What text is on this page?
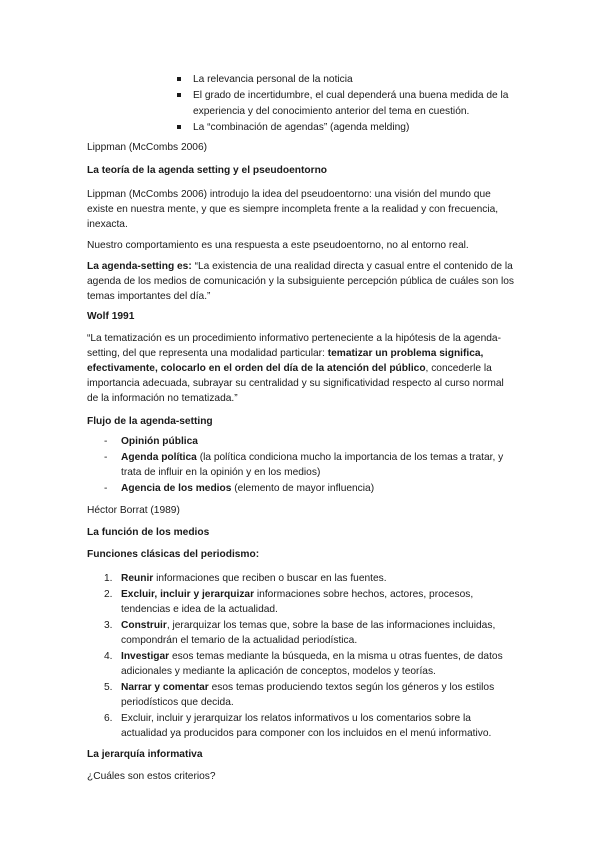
La relevancia personal de la noticia
El grado de incertidumbre, el cual dependerá una buena medida de la
experiencia y del conocimiento anterior del tema en cuestión.
La “combinación de agendas” (agenda melding)
Lippman (McCombs 2006)
La teoría de la agenda setting y el pseudoentorno
Lippman (McCombs 2006) introdujo la idea del pseudoentorno: una visión del mundo que
existe en nuestra mente, y que es siempre incompleta frente a la realidad y con frecuencia,
inexacta.
Nuestro comportamiento es una respuesta a este pseudoentorno, no al entorno real.
La agenda-setting es: “La existencia de una realidad directa y casual entre el contenido de la
agenda de los medios de comunicación y la subsiguiente percepción pública de cuáles son los
temas importantes del día.”
Wolf 1991
“La tematización es un procedimiento informativo perteneciente a la hipótesis de la agenda-
setting, del que representa una modalidad particular: tematizar un problema significa,
efectivamente, colocarlo en el orden del día de la atención del público, concederle la
importancia adecuada, subrayar su centralidad y su significatividad respecto al curso normal
de la información no tematizada.”
Flujo de la agenda-setting
- Opinión pública
- Agenda política (la política condiciona mucho la importancia de los temas a tratar, y
trata de influir en la opinión y en los medios)
- Agencia de los medios (elemento de mayor influencia)
Héctor Borrat (1989)
La función de los medios
Funciones clásicas del periodismo:
1. Reunir informaciones que reciben o buscar en las fuentes.
2. Excluir, incluir y jerarquizar informaciones sobre hechos, actores, procesos,
tendencias e idea de la actualidad.
3. Construir, jerarquizar los temas que, sobre la base de las informaciones incluidas,
compondrán el temario de la actualidad periodística.
4. Investigar esos temas mediante la búsqueda, en la misma u otras fuentes, de datos
adicionales y mediante la aplicación de conceptos, modelos y teorías.
5. Narrar y comentar esos temas produciendo textos según los géneros y los estilos
periodísticos que decida.
6. Excluir, incluir y jerarquizar los relatos informativos u los comentarios sobre la
actualidad ya producidos para componer con los incluidos en el menú informativo.
La jerarquía informativa
¿Cuáles son estos criterios?
